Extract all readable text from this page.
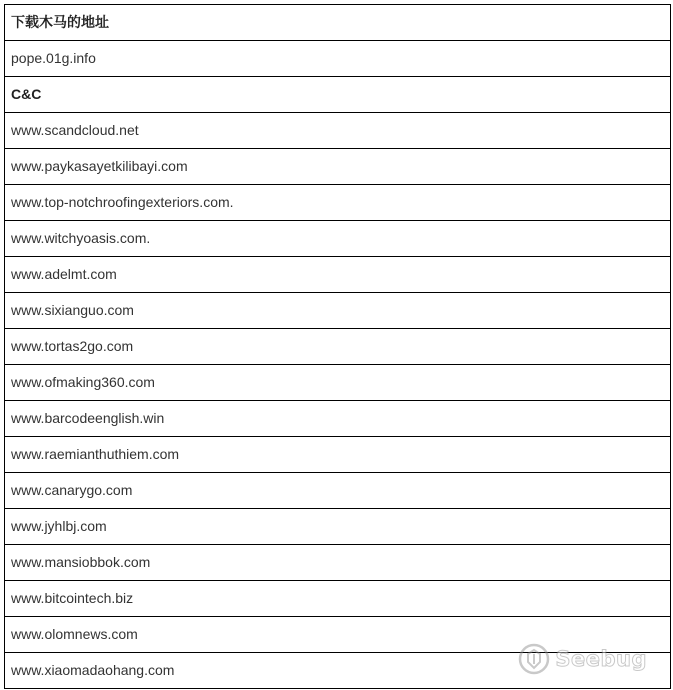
下载木马的地址
pope.01g.info
C&C
www.scandcloud.net
www.paykasayetkilibayi.com
www.top-notchroofingexteriors.com.
www.witchyoasis.com.
www.adelmt.com
www.sixianguo.com
www.tortas2go.com
www.ofmaking360.com
www.barcodeenglish.win
www.raemianthuthiem.com
www.canarygo.com
www.jyhlbj.com
www.mansiobbok.com
www.bitcointech.biz
www.olomnews.com
www.xiaomadaohang.com	Seebug
